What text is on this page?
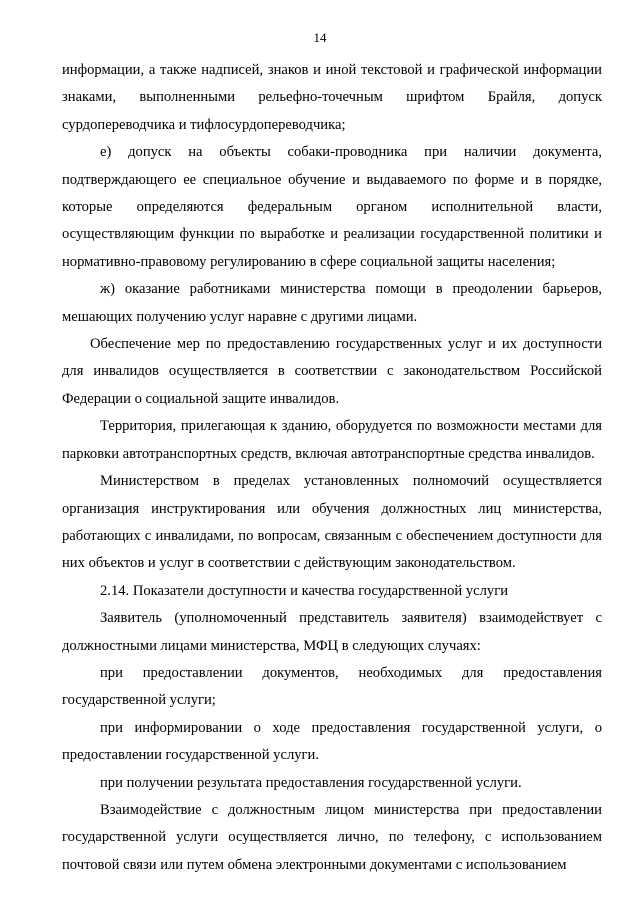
14

информации, а также надписей, знаков и иной текстовой и графической информации знаками, выполненными рельефно-точечным шрифтом Брайля, допуск сурдопереводчика и тифлосурдопереводчика;

е) допуск на объекты собаки-проводника при наличии документа, подтверждающего ее специальное обучение и выдаваемого по форме и в порядке, которые определяются федеральным органом исполнительной власти, осуществляющим функции по выработке и реализации государственной политики и нормативно-правовому регулированию в сфере социальной защиты населения;

ж) оказание работниками министерства помощи в преодолении барьеров, мешающих получению услуг наравне с другими лицами.

Обеспечение мер по предоставлению государственных услуг и их доступности для инвалидов осуществляется в соответствии с законодательством Российской Федерации о социальной защите инвалидов.

Территория, прилегающая к зданию, оборудуется по возможности местами для парковки автотранспортных средств, включая автотранспортные средства инвалидов.

Министерством в пределах установленных полномочий осуществляется организация инструктирования или обучения должностных лиц министерства, работающих с инвалидами, по вопросам, связанным с обеспечением доступности для них объектов и услуг в соответствии с действующим законодательством.

2.14. Показатели доступности и качества государственной услуги

Заявитель (уполномоченный представитель заявителя) взаимодействует с должностными лицами министерства, МФЦ в следующих случаях:

при предоставлении документов, необходимых для предоставления государственной услуги;

при информировании о ходе предоставления государственной услуги, о предоставлении государственной услуги.

при получении результата предоставления государственной услуги.

Взаимодействие с должностным лицом министерства при предоставлении государственной услуги осуществляется лично, по телефону, с использованием почтовой связи или путем обмена электронными документами с использованием
